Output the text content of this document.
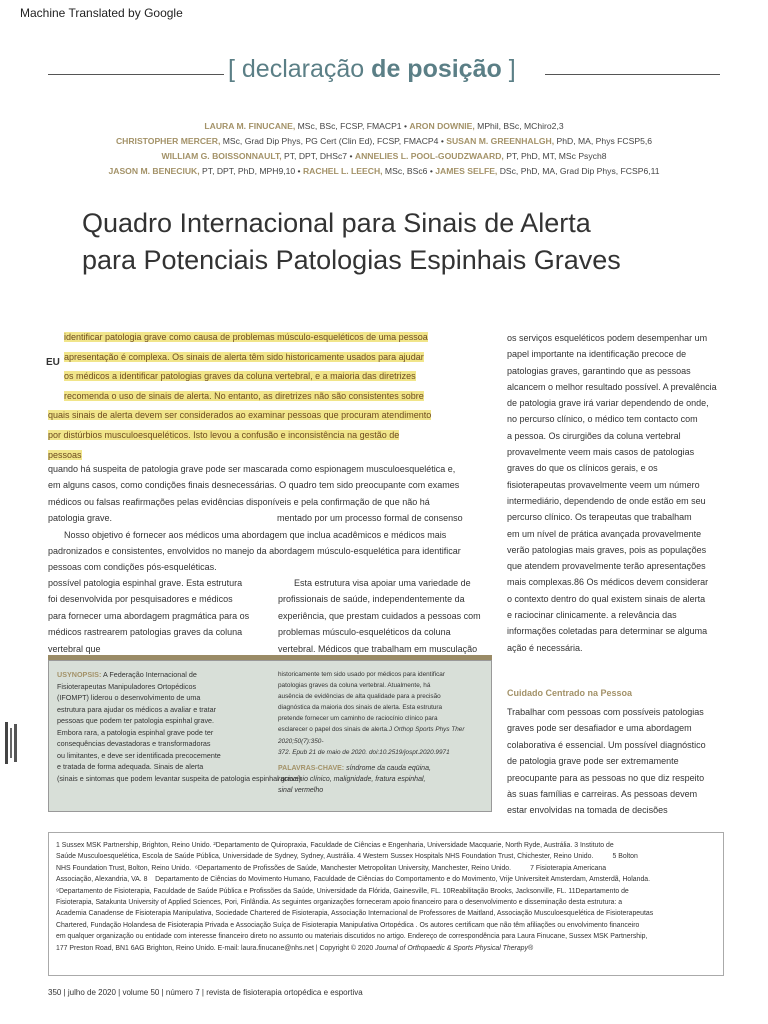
Machine Translated by Google
[ declaração de posição ]
LAURA M. FINUCANE, MSc, BSc, FCSP, FMACP1 • ARON DOWNIE, MPhil, BSc, MChiro2,3
CHRISTOPHER MERCER, MSc, Grad Dip Phys, PG Cert (Clin Ed), FCSP, FMACP4 • SUSAN M. GREENHALGH, PhD, MA, Phys FCSP5,6
WILLIAM G. BOISSONNAULT, PT, DPT, DHSc7 • ANNELIES L. POOL-GOUDZWAARD, PT, PhD, MT, MSc Psych8
JASON M. BENECIUK, PT, DPT, PhD, MPH9,10 • RACHEL L. LEECH, MSc, BSc6 • JAMES SELFE, DSc, PhD, MA, Grad Dip Phys, FCSP6,11
Quadro Internacional para Sinais de Alerta
para Potenciais Patologias Espinhais Graves
EU

identificar patologia grave como causa de problemas músculo-esqueléticos de uma pessoa

apresentação é complexa. Os sinais de alerta têm sido historicamente usados para ajudar

os médicos a identificar patologias graves da coluna vertebral, e a maioria das diretrizes

recomenda o uso de sinais de alerta. No entanto, as diretrizes não são consistentes sobre

quais sinais de alerta devem ser considerados ao examinar pessoas que procuram atendimento

por distúrbios musculoesqueléticos. Isto levou a confusão e inconsistência na gestão de

pessoas

quando há suspeita de patologia grave pode ser mascarada como espionagem musculoesquelética e,

em alguns casos, como condições finais desnecessárias. O quadro tem sido preocupante com exames

médicos ou falsas reafirmações pelas evidências disponíveis e pela confirmação de que não há

patologia grave.	mentado por um processo formal de consenso

Nosso objetivo é fornecer aos médicos uma abordagem que inclua acadêmicos e médicos mais

padronizados e consistentes, envolvidos no manejo da abordagem músculo-esquelética para identificar

pessoas com condições pós-esqueléticas.

possível patologia espinhal grave. Esta estrutura

foi desenvolvida por pesquisadores e médicos

para fornecer uma abordagem pragmática para os

médicos rastrearem patologias graves da coluna

vertebral que

Esta estrutura visa apoiar uma variedade de

profissionais de saúde, independentemente da

experiência, que prestam cuidados a pessoas com

problemas músculo-esqueléticos da coluna

vertebral. Médicos que trabalham em musculação

os serviços esqueléticos podem desempenhar um

papel importante na identificação precoce de

patologias graves, garantindo que as pessoas

alcancem o melhor resultado possível. A prevalência

de patologia grave irá variar dependendo de onde,

no percurso clínico, o médico tem contacto com

a pessoa. Os cirurgiões da coluna vertebral

provavelmente veem mais casos de patologias

graves do que os clínicos gerais, e os

fisioterapeutas provavelmente veem um número

intermediário, dependendo de onde estão em seu

percurso clínico. Os terapeutas que trabalham

em um nível de prática avançada provavelmente

verão patologias mais graves, pois as populações

que atendem provavelmente terão apresentações

mais complexas.86 Os médicos devem considerar

o contexto dentro do qual existem sinais de alerta

e raciocinar clinicamente. a relevância das

informações coletadas para determinar se alguma

ação é necessária.

Cuidado Centrado na Pessoa

Trabalhar com pessoas com possíveis patologias

graves pode ser desafiador e uma abordagem

colaborativa é essencial. Um possível diagnóstico

de patologia grave pode ser extremamente

preocupante para as pessoas no que diz respeito

às suas famílias e carreiras. As pessoas devem

estar envolvidas na tomada de decisões

USYNOPSIS: A Federação Internacional de
Fisioterapeutas Manipuladores Ortopédicos
(IFOMPT) liderou o desenvolvimento de uma
estrutura para ajudar os médicos a avaliar e tratar
pessoas que podem ter patologia espinhal grave.
Embora rara, a patologia espinhal grave pode ter
consequências devastadoras e transformadoras
ou limitantes, e deve ser identificada precocemente
e tratada de forma adequada. Sinais de alerta
(sinais e sintomas que podem levantar suspeita de patologia espinhal grave)
historicamente tem sido usado por médicos para identificar
patologias graves da coluna vertebral. Atualmente, há
ausência de evidências de alta qualidade para a precisão
diagnóstica da maioria dos sinais de alerta. Esta estrutura
pretende fornecer um caminho de raciocínio clínico para
esclarecer o papel dos sinais de alerta.J Orthop Sports Phys Ther 2020;50(7):350-
372. Epub 21 de maio de 2020. doi:10.2519/jospt.2020.9971
PALAVRAS-CHAVE: síndrome da cauda eqüina,
raciocínio clínico, malignidade, fratura espinhal,
sinal vermelho
1 Sussex MSK Partnership, Brighton, Reino Unido. ²Departamento de Quiropraxia, Faculdade de Ciências e Engenharia, Universidade Macquarie, North Ryde, Austrália. 3 Instituto de
Saúde Musculoesquelética, Escola de Saúde Pública, Universidade de Sydney, Sydney, Austrália. 4 Western Sussex Hospitals NHS Foundation Trust, Chichester, Reino Unido.          5 Bolton
NHS Foundation Trust, Bolton, Reino Unido.  ⁶Departamento de Profissões de Saúde, Manchester Metropolitan University, Manchester, Reino Unido.          7 Fisioterapia Americana
Associação, Alexandria, VA. 8    Departamento de Ciências do Movimento Humano, Faculdade de Ciências do Comportamento e do Movimento, Vrije Universiteit Amsterdam, Amsterdã, Holanda.
⁹Departamento de Fisioterapia, Faculdade de Saúde Pública e Profissões da Saúde, Universidade da Flórida, Gainesville, FL. 10Reabilitação Brooks, Jacksonville, FL. 11Departamento de
Fisioterapia, Satakunta University of Applied Sciences, Pori, Finlândia. As seguintes organizações forneceram apoio financeiro para o desenvolvimento e disseminação desta estrutura: a
Academia Canadense de Fisioterapia Manipulativa, Sociedade Chartered de Fisioterapia, Associação Internacional de Professores de Maitland, Associação Musculoesquelética de Fisioterapeutas
Chartered, Fundação Holandesa de Fisioterapia Privada e Associação Suíça de Fisioterapia Manipulativa Ortopédica . Os autores certificam que não têm afiliações ou envolvimento financeiro
em qualquer organização ou entidade com interesse financeiro direto no assunto ou materiais discutidos no artigo. Endereço de correspondência para Laura Finucane, Sussex MSK Partnership,
177 Preston Road, BN1 6AG Brighton, Reino Unido. E-mail: laura.finucane@nhs.net | Copyright © 2020 Journal of Orthopaedic & Sports Physical Therapy®
350 | julho de 2020 | volume 50 | número 7 | revista de fisioterapia ortopédica e esportiva
